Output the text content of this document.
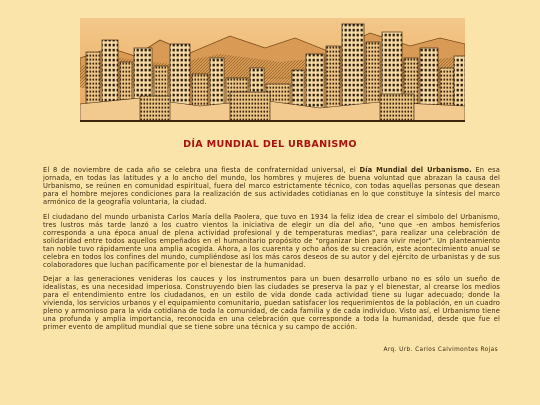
DÍA MUNDIAL DEL URBANISMO

El 8 de noviembre de cada año se celebra una fiesta de confraternidad universal, el Día Mundial del Urbanismo. En esa jornada, en todas las latitudes y a lo ancho del mundo, los hombres y mujeres de buena voluntad que abrazan la causa del Urbanismo, se reúnen en comunidad espiritual, fuera del marco estrictamente técnico, con todas aquellas personas que desean para el hombre mejores condiciones para la realización de sus actividades cotidianas en lo que constituye la síntesis del marco armónico de la geografía voluntaria, la ciudad.

El ciudadano del mundo urbanista Carlos María della Paolera, que tuvo en 1934 la feliz idea de crear el símbolo del Urbanismo, tres lustros más tarde lanzó a los cuatro vientos la iniciativa de elegir un día del año, "uno que -en ambos hemisferios corresponda a una época anual de plena actividad profesional y de temperaturas medias", para realizar una celebración de solidaridad entre todos aquellos empeñados en el humanitario propósito de "organizar bien para vivir mejor". Un planteamiento tan noble tuvo rápidamente una amplia acogida. Ahora, a los cuarenta y ocho años de su creación, este acontecimiento anual se celebra en todos los confines del mundo, cumpliéndose así los más caros deseos de su autor y del ejército de urbanistas y de sus colaboradores que luchan pacíficamente por el bienestar de la humanidad.

Dejar a las generaciones venideras los cauces y los instrumentos para un buen desarrollo urbano no es sólo un sueño de idealistas, es una necesidad imperiosa. Construyendo bien las ciudades se preserva la paz y el bienestar, al crearse los medios para el entendimiento entre los ciudadanos, en un estilo de vida donde cada actividad tiene su lugar adecuado; donde la vivienda, los servicios urbanos y el equipamiento comunitario, puedan satisfacer los requerimientos de la población, en un cuadro pleno y armonioso para la vida cotidiana de toda la comunidad, de cada familia y de cada individuo. Visto así, el Urbanismo tiene una profunda y amplia importancia, reconocida en una celebración que corresponde a toda la humanidad, desde que fue el primer evento de amplitud mundial que se tiene sobre una técnica y su campo de acción.

Arq. Urb. Carlos Calvimontes Rojas
